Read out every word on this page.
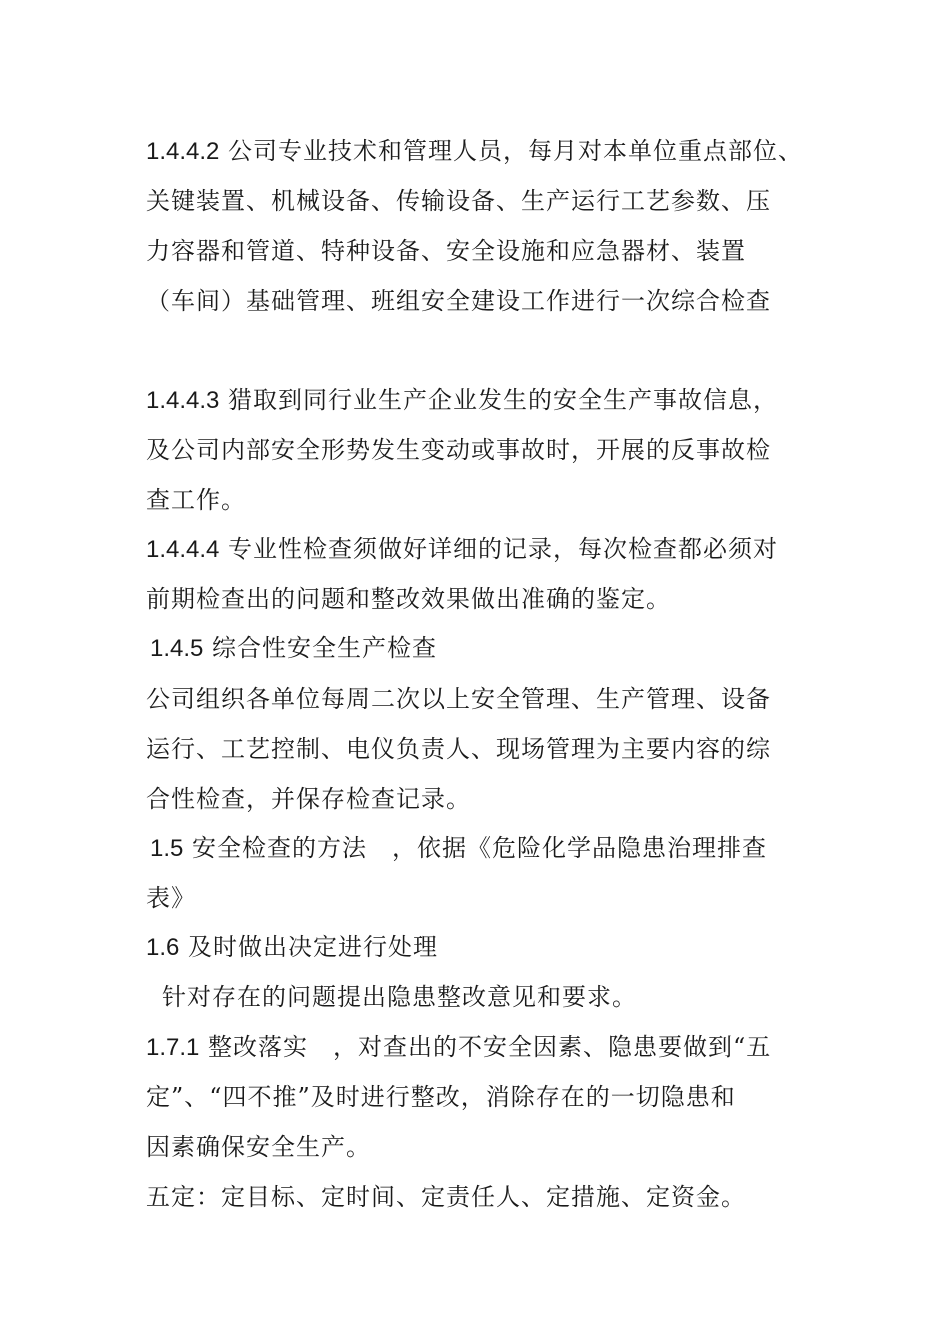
1.4.4.2 公司专业技术和管理人员，每月对本单位重点部位、
关键装置、机械设备、传输设备、生产运行工艺参数、压
力容器和管道、特种设备、安全设施和应急器材、装置
（车间）基础管理、班组安全建设工作进行一次综合检查
1.4.4.3 猎取到同行业生产企业发生的安全生产事故信息，
及公司内部安全形势发生变动或事故时，开展的反事故检
查工作。
1.4.4.4 专业性检查须做好详细的记录，每次检查都必须对
前期检查出的问题和整改效果做出准确的鉴定。
1.4.5 综合性安全生产检查
公司组织各单位每周二次以上安全管理、生产管理、设备
运行、工艺控制、电仪负责人、现场管理为主要内容的综
合性检查，并保存检查记录。
1.5 安全检查的方法　，依据《危险化学品隐患治理排查
表》
1.6 及时做出决定进行处理
针对存在的问题提出隐患整改意见和要求。
1.7.1 整改落实　，对查出的不安全因素、隐患要做到“五
定”、“四不推”及时进行整改，消除存在的一切隐患和
因素确保安全生产。
五定：定目标、定时间、定责任人、定措施、定资金。
